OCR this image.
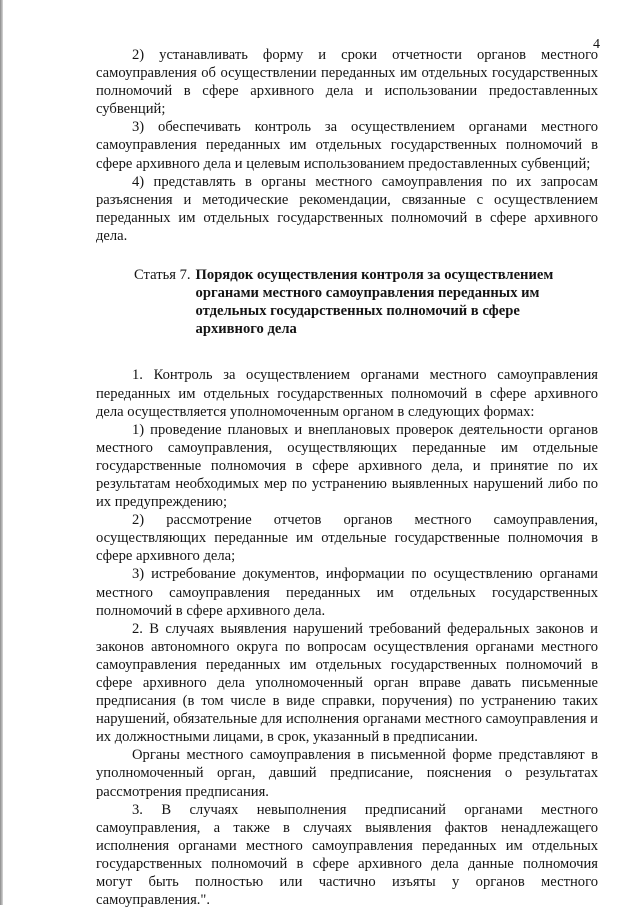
4

2) устанавливать форму и сроки отчетности органов местного самоуправления об осуществлении переданных им отдельных государственных полномочий в сфере архивного дела и использовании предоставленных субвенций;

3) обеспечивать контроль за осуществлением органами местного самоуправления переданных им отдельных государственных полномочий в сфере архивного дела и целевым использованием предоставленных субвенций;

4) представлять в органы местного самоуправления по их запросам разъяснения и методические рекомендации, связанные с осуществлением переданных им отдельных государственных полномочий в сфере архивного дела.

Статья 7. Порядок осуществления контроля за осуществлением органами местного самоуправления переданных им отдельных государственных полномочий в сфере архивного дела

1. Контроль за осуществлением органами местного самоуправления переданных им отдельных государственных полномочий в сфере архивного дела осуществляется уполномоченным органом в следующих формах:

1) проведение плановых и внеплановых проверок деятельности органов местного самоуправления, осуществляющих переданные им отдельные государственные полномочия в сфере архивного дела, и принятие по их результатам необходимых мер по устранению выявленных нарушений либо по их предупреждению;

2) рассмотрение отчетов органов местного самоуправления, осуществляющих переданные им отдельные государственные полномочия в сфере архивного дела;

3) истребование документов, информации по осуществлению органами местного самоуправления переданных им отдельных государственных полномочий в сфере архивного дела.

2. В случаях выявления нарушений требований федеральных законов и законов автономного округа по вопросам осуществления органами местного самоуправления переданных им отдельных государственных полномочий в сфере архивного дела уполномоченный орган вправе давать письменные предписания (в том числе в виде справки, поручения) по устранению таких нарушений, обязательные для исполнения органами местного самоуправления и их должностными лицами, в срок, указанный в предписании.

Органы местного самоуправления в письменной форме представляют в уполномоченный орган, давший предписание, пояснения о результатах рассмотрения предписания.

3. В случаях невыполнения предписаний органами местного самоуправления, а также в случаях выявления фактов ненадлежащего исполнения органами местного самоуправления переданных им отдельных государственных полномочий в сфере архивного дела данные полномочия могут быть полностью или частично изъяты у органов местного самоуправления.".
